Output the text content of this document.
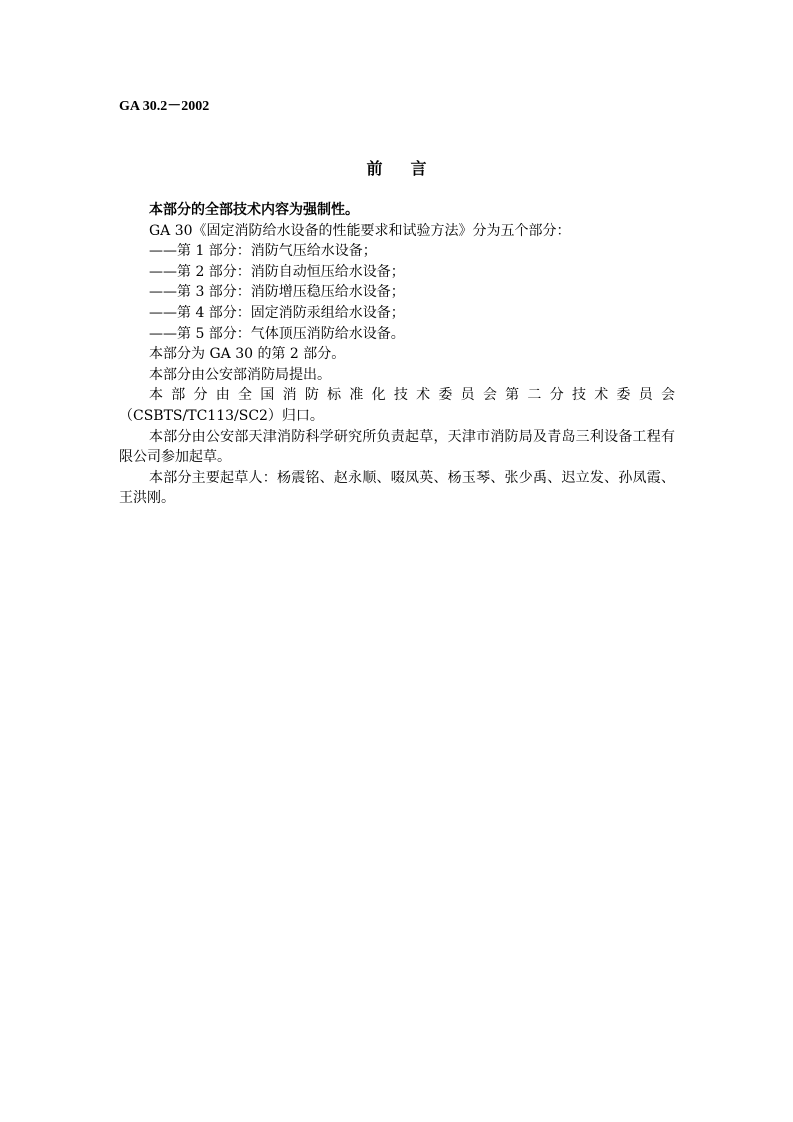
GA 30.2－2002
前言

本部分的全部技术内容为强制性。

GA 30《固定消防给水设备的性能要求和试验方法》分为五个部分：

——第 1 部分：消防气压给水设备；

——第 2 部分：消防自动恒压给水设备；

——第 3 部分：消防增压稳压给水设备；

——第 4 部分：固定消防汞组给水设备；

——第 5 部分：气体顶压消防给水设备。

本部分为 GA 30 的第 2 部分。

本部分由公安部消防局提出。

本部分由全国消防标准化技术委员会第二分技术委员会

（CSBTS/TC113/SC2）归口。

本部分由公安部天津消防科学研究所负责起草，天津市消防局及青岛三利设备工程有限公司参加起草。

本部分主要起草人：杨震铭、赵永顺、啜凤英、杨玉琴、张少禹、迟立发、孙凤霞、王洪刚。
